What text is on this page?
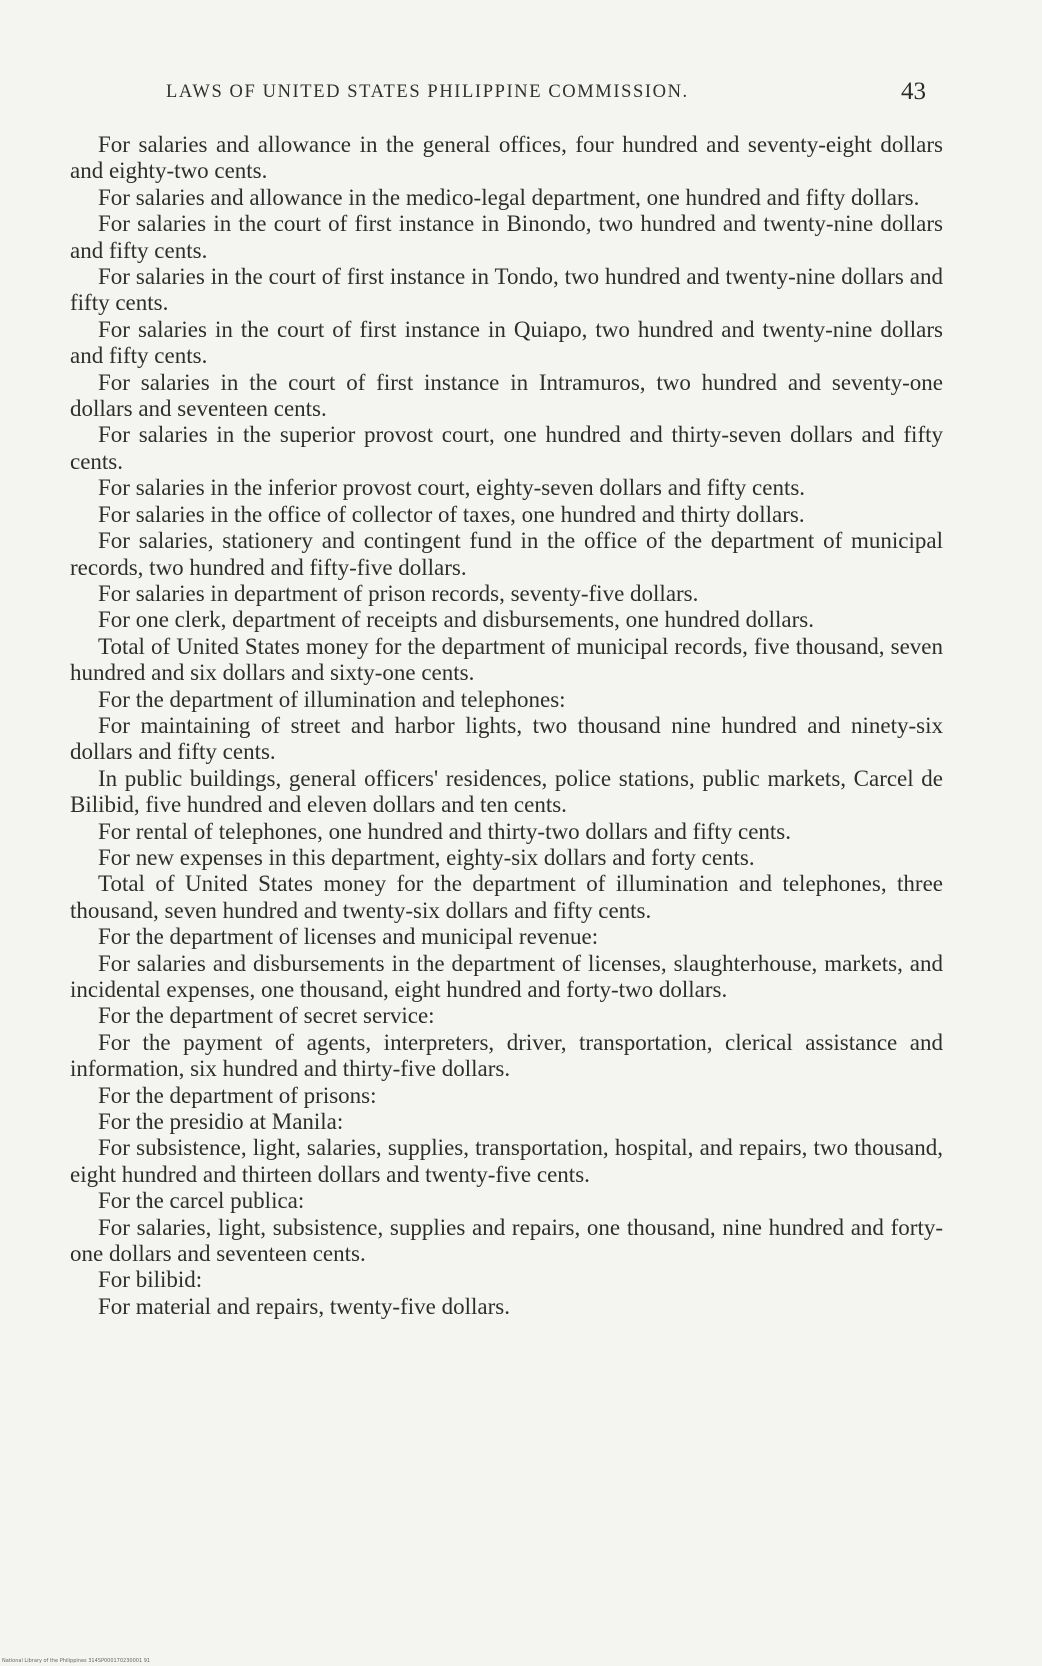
LAWS OF UNITED STATES PHILIPPINE COMMISSION.	43

For salaries and allowance in the general offices, four hundred and seventy-eight dollars and eighty-two cents.

For salaries and allowance in the medico-legal department, one hundred and fifty dollars.

For salaries in the court of first instance in Binondo, two hundred and twenty-nine dollars and fifty cents.

For salaries in the court of first instance in Tondo, two hundred and twenty-nine dollars and fifty cents.

For salaries in the court of first instance in Quiapo, two hundred and twenty-nine dollars and fifty cents.

For salaries in the court of first instance in Intramuros, two hundred and seventy-one dollars and seventeen cents.

For salaries in the superior provost court, one hundred and thirty-seven dollars and fifty cents.

For salaries in the inferior provost court, eighty-seven dollars and fifty cents.

For salaries in the office of collector of taxes, one hundred and thirty dollars.

For salaries, stationery and contingent fund in the office of the department of municipal records, two hundred and fifty-five dollars.

For salaries in department of prison records, seventy-five dollars.

For one clerk, department of receipts and disbursements, one hundred dollars.

Total of United States money for the department of municipal records, five thousand, seven hundred and six dollars and sixty-one cents.

For the department of illumination and telephones:

For maintaining of street and harbor lights, two thousand nine hundred and ninety-six dollars and fifty cents.

In public buildings, general officers' residences, police stations, public markets, Carcel de Bilibid, five hundred and eleven dollars and ten cents.

For rental of telephones, one hundred and thirty-two dollars and fifty cents.

For new expenses in this department, eighty-six dollars and forty cents.

Total of United States money for the department of illumination and telephones, three thousand, seven hundred and twenty-six dollars and fifty cents.

For the department of licenses and municipal revenue:

For salaries and disbursements in the department of licenses, slaughterhouse, markets, and incidental expenses, one thousand, eight hundred and forty-two dollars.

For the department of secret service:

For the payment of agents, interpreters, driver, transportation, clerical assistance and information, six hundred and thirty-five dollars.

For the department of prisons:

For the presidio at Manila:

For subsistence, light, salaries, supplies, transportation, hospital, and repairs, two thousand, eight hundred and thirteen dollars and twenty-five cents.

For the carcel publica:

For salaries, light, subsistence, supplies and repairs, one thousand, nine hundred and forty-one dollars and seventeen cents.

For bilibid:

For material and repairs, twenty-five dollars.

National Library of the Philippines 314SP000170230001 91
